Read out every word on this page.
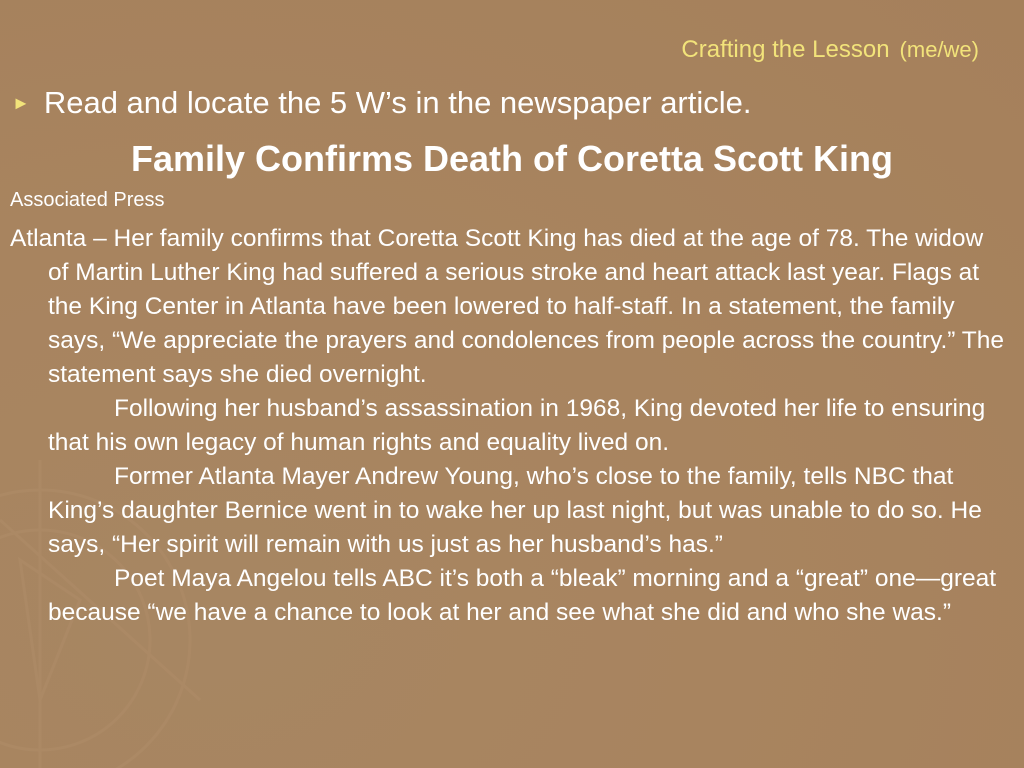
Crafting the Lesson (me/we)
► Read and locate the 5 W’s in the newspaper article.
Family Confirms Death of Coretta Scott King
Associated Press

Atlanta – Her family confirms that Coretta Scott King has died at the age of 78. The widow of Martin Luther King had suffered a serious stroke and heart attack last year. Flags at the King Center in Atlanta have been lowered to half-staff. In a statement, the family says, “We appreciate the prayers and condolences from people across the country.” The statement says she died overnight.

Following her husband’s assassination in 1968, King devoted her life to ensuring that his own legacy of human rights and equality lived on.

Former Atlanta Mayer Andrew Young, who’s close to the family, tells NBC that King’s daughter Bernice went in to wake her up last night, but was unable to do so. He says, “Her spirit will remain with us just as her husband’s has.”

Poet Maya Angelou tells ABC it’s both a “bleak” morning and a “great” one—great because “we have a chance to look at her and see what she did and who she was.”
